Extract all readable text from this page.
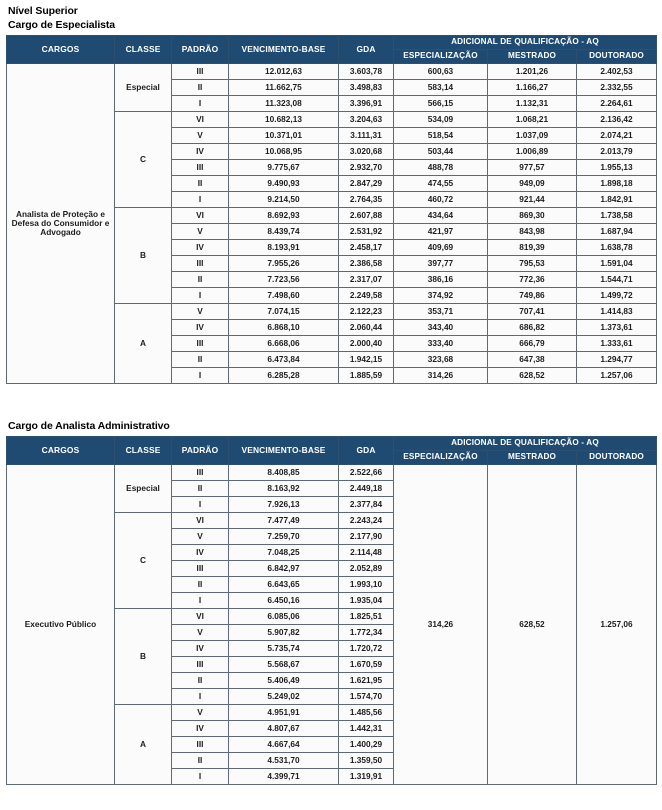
Nível Superior
Cargo de Especialista
CARGOS	CLASSE	PADRÃO	VENCIMENTO-BASE	GDA	ADICIONAL DE QUALIFICAÇÃO - AQ		
					ESPECIALIZAÇÃO	MESTRADO	DOUTORADO
Analista de Proteção e Defesa do Consumidor e Advogado	Especial	III	12.012,63	3.603,78	600,63	1.201,26	2.402,53
		II	11.662,75	3.498,83	583,14	1.166,27	2.332,55
		I	11.323,08	3.396,91	566,15	1.132,31	2.264,61
	C	VI	10.682,13	3.204,63	534,09	1.068,21	2.136,42
		V	10.371,01	3.111,31	518,54	1.037,09	2.074,21
		IV	10.068,95	3.020,68	503,44	1.006,89	2.013,79
		III	9.775,67	2.932,70	488,78	977,57	1.955,13
		II	9.490,93	2.847,29	474,55	949,09	1.898,18
		I	9.214,50	2.764,35	460,72	921,44	1.842,91
	B	VI	8.692,93	2.607,88	434,64	869,30	1.738,58
		V	8.439,74	2.531,92	421,97	843,98	1.687,94
		IV	8.193,91	2.458,17	409,69	819,39	1.638,78
		III	7.955,26	2.386,58	397,77	795,53	1.591,04
		II	7.723,56	2.317,07	386,16	772,36	1.544,71
		I	7.498,60	2.249,58	374,92	749,86	1.499,72
	A	V	7.074,15	2.122,23	353,71	707,41	1.414,83
		IV	6.868,10	2.060,44	343,40	686,82	1.373,61
		III	6.668,06	2.000,40	333,40	666,79	1.333,61
		II	6.473,84	1.942,15	323,68	647,38	1.294,77
		I	6.285,28	1.885,59	314,26	628,52	1.257,06
Cargo de Analista Administrativo
CARGOS	CLASSE	PADRÃO	VENCIMENTO-BASE	GDA	ADICIONAL DE QUALIFICAÇÃO - AQ		
					ESPECIALIZAÇÃO	MESTRADO	DOUTORADO
Executivo Público	Especial	III	8.408,85	2.522,66	314,26	628,52	1.257,06
		II	8.163,92	2.449,18			
		I	7.926,13	2.377,84			
	C	VI	7.477,49	2.243,24			
		V	7.259,70	2.177,90			
		IV	7.048,25	2.114,48			
		III	6.842,97	2.052,89			
		II	6.643,65	1.993,10			
		I	6.450,16	1.935,04			
	B	VI	6.085,06	1.825,51			
		V	5.907,82	1.772,34			
		IV	5.735,74	1.720,72			
		III	5.568,67	1.670,59			
		II	5.406,49	1.621,95			
		I	5.249,02	1.574,70			
	A	V	4.951,91	1.485,56			
		IV	4.807,67	1.442,31			
		III	4.667,64	1.400,29			
		II	4.531,70	1.359,50			
		I	4.399,71	1.319,91			
